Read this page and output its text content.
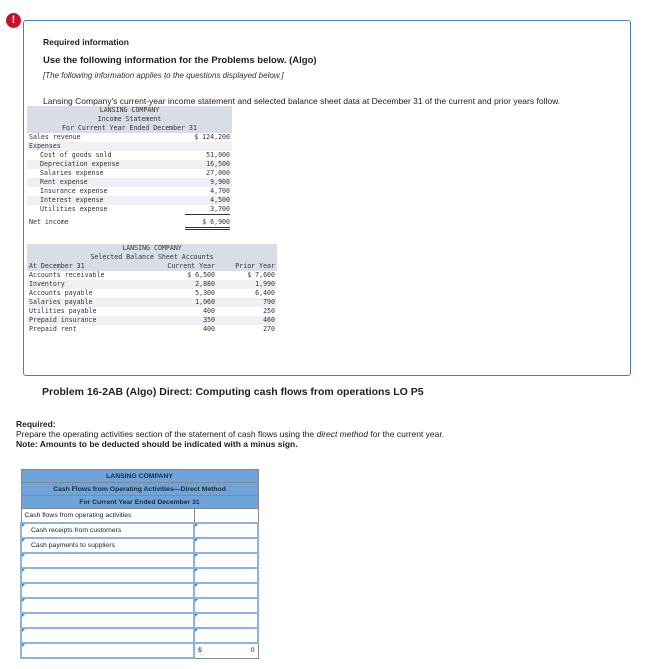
!
Required information
Use the following information for the Problems below. (Algo)
[The following information applies to the questions displayed below.]
Lansing Company's current-year income statement and selected balance sheet data at December 31 of the current and prior years follow.
LANSING COMPANY
Income Statement
For Current Year Ended December 31
Sales revenue	$ 124,200
Expenses
Cost of goods sold	51,000
Depreciation expense	16,500
Salaries expense	27,000
Rent expense	9,900
Insurance expense	4,700
Interest expense	4,500
Utilities expense	3,700
Net income	$ 6,900
LANSING COMPANY
Selected Balance Sheet Accounts
At December 31	Current Year	Prior Year
Accounts receivable	$ 6,500	$ 7,600
Inventory	2,880	1,990
Accounts payable	5,300	6,400
Salaries payable	1,060	790
Utilities payable	400	250
Prepaid insurance	350	460
Prepaid rent	400	270
Problem 16-2AB (Algo) Direct: Computing cash flows from operations LO P5
Required:
Prepare the operating activities section of the statement of cash flows using the direct method for the current year.
Note: Amounts to be deducted should be indicated with a minus sign.
LANSING COMPANY	
Cash Flows from Operating Activities—Direct Method	
For Current Year Ended December 31	
Cash flows from operating activities	
Cash receipts from customers	
Cash payments to suppliers	

	$ 0
